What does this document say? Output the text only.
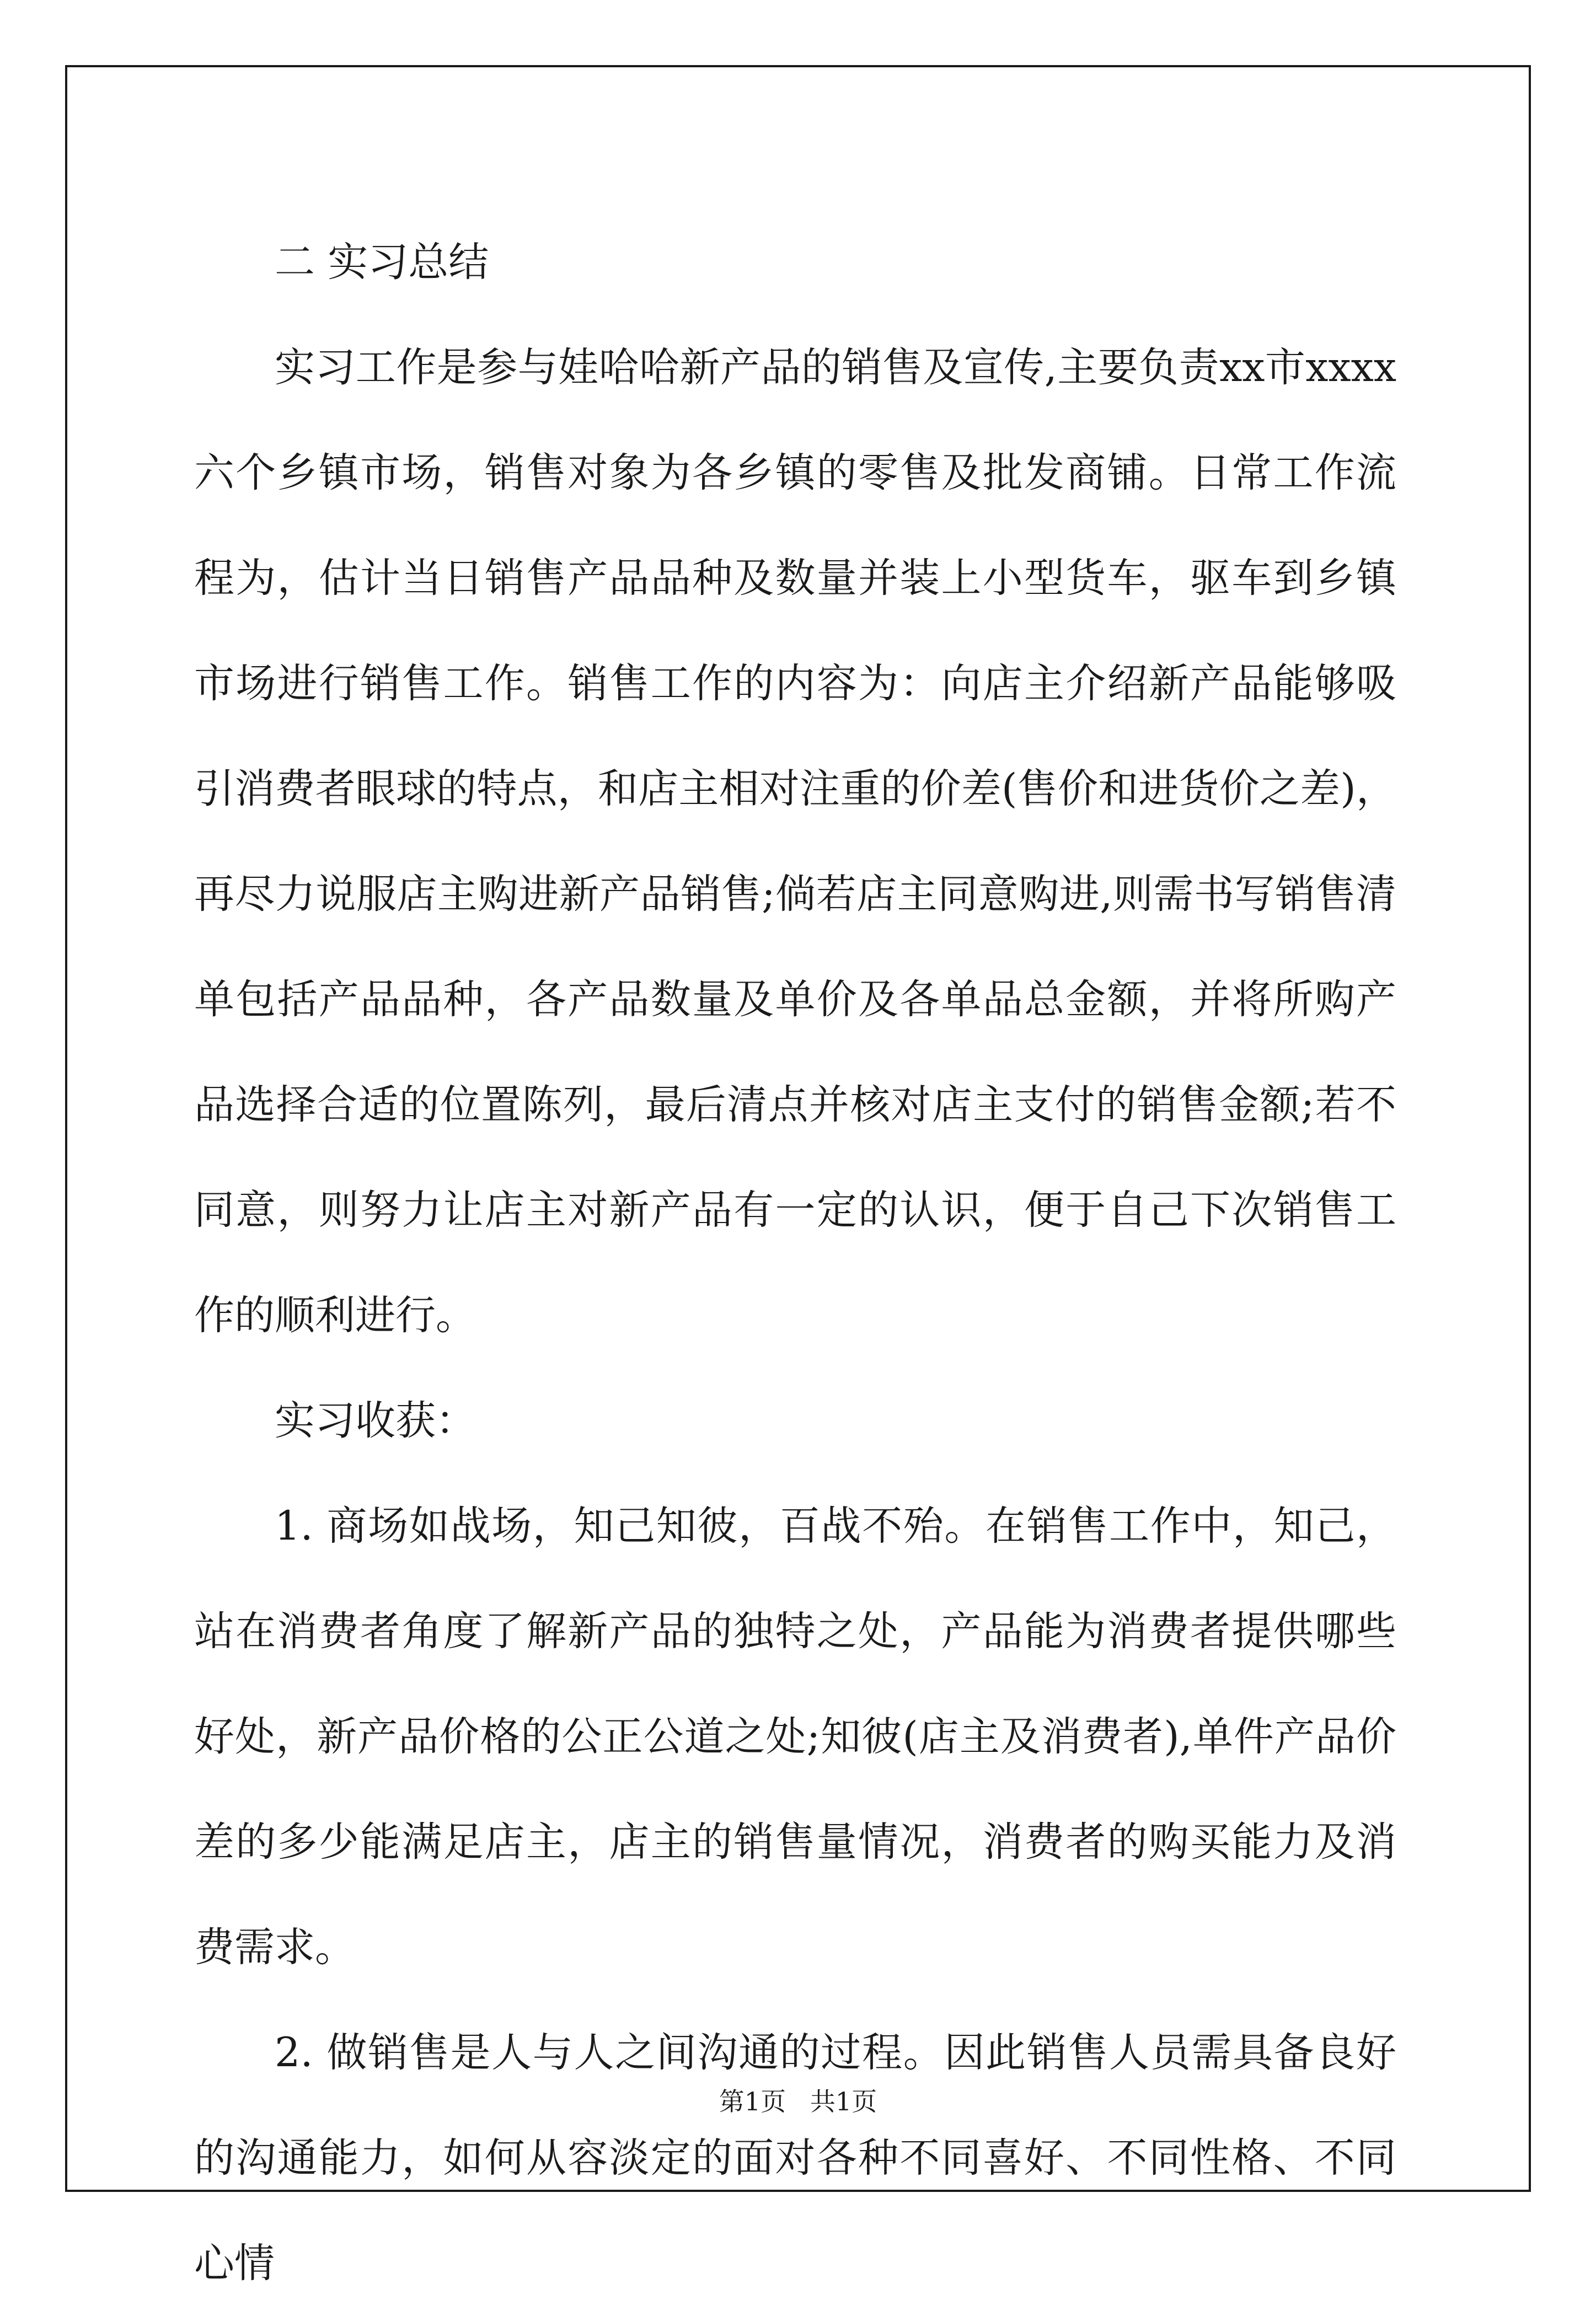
二 实习总结

实习工作是参与娃哈哈新产品的销售及宣传,主要负责xx市xxxx六个乡镇市场，销售对象为各乡镇的零售及批发商铺。日常工作流程为，估计当日销售产品品种及数量并装上小型货车，驱车到乡镇市场进行销售工作。销售工作的内容为：向店主介绍新产品能够吸引消费者眼球的特点，和店主相对注重的价差(售价和进货价之差)，再尽力说服店主购进新产品销售;倘若店主同意购进,则需书写销售清单包括产品品种，各产品数量及单价及各单品总金额，并将所购产品选择合适的位置陈列，最后清点并核对店主支付的销售金额;若不同意，则努力让店主对新产品有一定的认识，便于自己下次销售工作的顺利进行。

实习收获：

1. 商场如战场，知己知彼，百战不殆。在销售工作中，知己，站在消费者角度了解新产品的独特之处，产品能为消费者提供哪些好处，新产品价格的公正公道之处;知彼(店主及消费者),单件产品价差的多少能满足店主，店主的销售量情况，消费者的购买能力及消费需求。

2. 做销售是人与人之间沟通的过程。因此销售人员需具备良好的沟通能力，如何从容淡定的面对各种不同喜好、不同性格、不同心情

第1页   共1页
